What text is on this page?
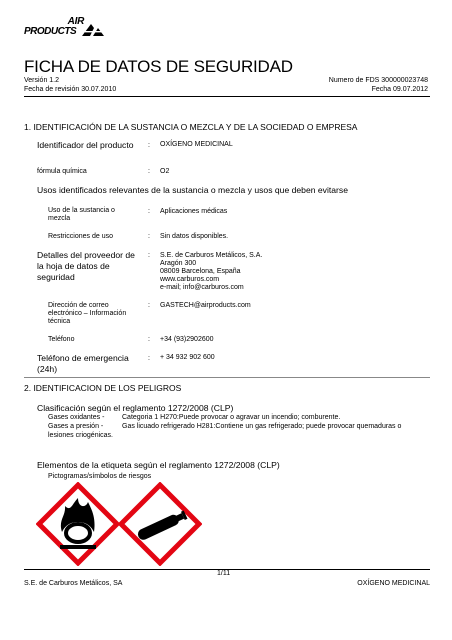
AIR
PRODUCTS
FICHA DE DATOS DE SEGURIDAD
Versión 1.2	Numero de FDS 300000023748
Fecha de revisión 30.07.2010	Fecha 09.07.2012
1. IDENTIFICACIÓN DE LA SUSTANCIA O MEZCLA Y DE LA SOCIEDAD O EMPRESA
Identificador del producto : OXÍGENO MEDICINAL
fórmula química	: O2
Usos identificados relevantes de la sustancia o mezcla y usos que deben evitarse
Uso de la sustancia o
mezcla
: Aplicaciones médicas
Restricciones de uso	: Sin datos disponibles.
Detalles del proveedor de
la hoja de datos de
seguridad
: S.E. de Carburos Metálicos, S.A.
Aragón 300
08009 Barcelona, España
www.carburos.com
e-mail; info@carburos.com
Dirección de correo
electrónico – Información
técnica
: GASTECH@airproducts.com
Teléfono	: +34 (93)2902600
Teléfono de emergencia
(24h)
: + 34 932 902 600
2. IDENTIFICACION DE LOS PELIGROS
Clasificación según el reglamento 1272/2008 (CLP)
Gases oxidantes -	Categoria 1 H270:Puede provocar o agravar un incendio; comburente.
Gases a presión -	Gas licuado refrigerado H281:Contiene un gas refrigerado; puede provocar quemaduras o
lesiones criogénicas.
Elementos de la etiqueta según el reglamento 1272/2008 (CLP)
Pictogramas/símbolos de riesgos
1/11
S.E. de Carburos Metálicos, SA	OXÍGENO MEDICINAL
